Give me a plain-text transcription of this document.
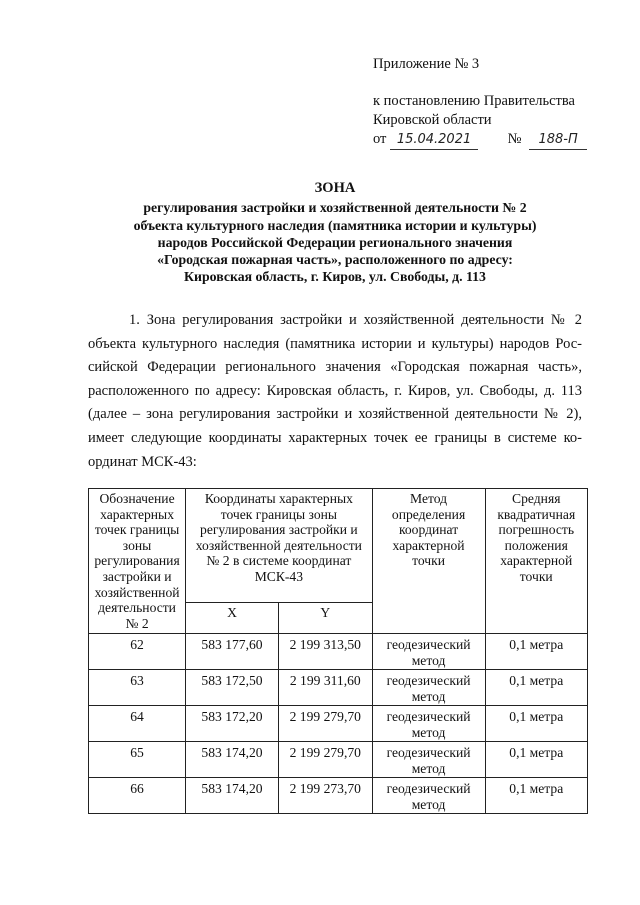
Приложение № 3
к постановлению Правительства
Кировской области
от 15.04.2021	№ 188-П
ЗОНА
регулирования застройки и хозяйственной деятельности № 2
объекта культурного наследия (памятника истории и культуры)
народов Российской Федерации регионального значения
«Городская пожарная часть», расположенного по адресу:
Кировская область, г. Киров, ул. Свободы, д. 113
1. Зона регулирования застройки и хозяйственной деятельности № 2
объекта культурного наследия (памятника истории и культуры) народов Рос-
сийской Федерации регионального значения «Городская пожарная часть»,
расположенного по адресу: Кировская область, г. Киров, ул. Свободы, д. 113
(далее – зона регулирования застройки и хозяйственной деятельности № 2),
имеет следующие координаты характерных точек ее границы в системе ко-
ординат МСК-43:
Обозначение характерных точек границы зоны регулирования застройки и хозяйственной деятельности № 2	Координаты характерных точек границы зоны регулирования застройки и хозяйственной деятельности № 2 в системе координат МСК-43		Метод определения координат характерной точки	Средняя квадратичная погрешность положения характерной точки
	X	Y		
62	583 177,60	2 199 313,50	геодезический метод	0,1 метра
63	583 172,50	2 199 311,60	геодезический метод	0,1 метра
64	583 172,20	2 199 279,70	геодезический метод	0,1 метра
65	583 174,20	2 199 279,70	геодезический метод	0,1 метра
66	583 174,20	2 199 273,70	геодезический метод	0,1 метра
